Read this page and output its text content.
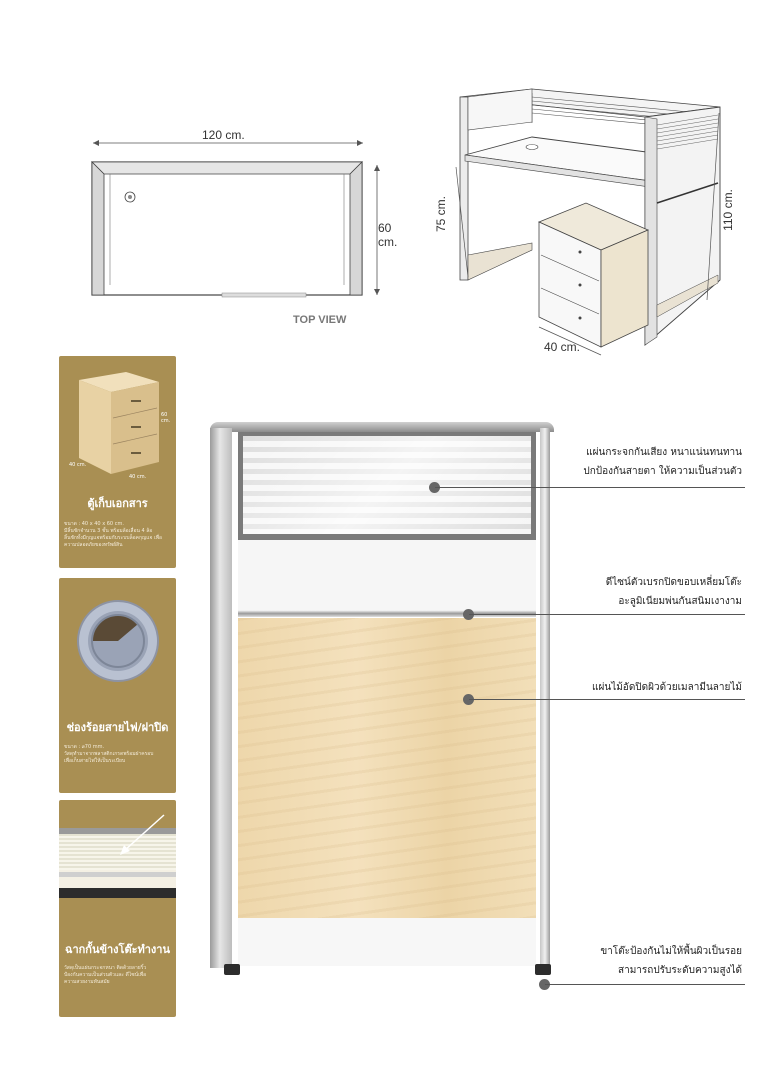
120 cm.
60 cm.
TOP VIEW
75 cm.	110 cm.
40 cm.
40 cm.
40 cm.
60 cm.
ตู้เก็บเอกสาร
ขนาด : 40 x 40 x 60 cm.
มีลิ้นชักจำนวน 3 ชั้น พร้อมล้อเลื่อน 4 ล้อ
ลิ้นชักทั้งมีกุญแจพร้อมกับระบบล็อคกุญแจ เพื่อ
ความปลอดภัยของทรัพย์สิน
ช่องร้อยสายไฟ/ฝาปิด
ขนาด : ⌀70 mm.
วัสดุทำมาจากพลาสติกเกรดพร้อมฝาครอบ
เพื่อเก็บสายไฟให้เป็นระเบียบ
ฉากกั้นข้างโต๊ะทำงาน
วัสดุเป็นแผ่นกระจกหนา ติดด้วยลายริ้ว
ป้องกันความเป็นส่วนตัวและ ดีไซน์เพื่อ
ความสวยงามทันสมัย
แผ่นกระจกกันเสียง หนาแน่นทนทาน
ปกป้องกันสายตา ให้ความเป็นส่วนตัว
ดีไซน์ตัวเบรกปิดขอบเหลี่ยมโต๊ะ
อะลูมิเนียมพ่นกันสนิมเงางาม
แผ่นไม้อัดปิดผิวด้วยเมลามีนลายไม้
ขาโต๊ะป้องกันไม่ให้พื้นผิวเป็นรอย
สามารถปรับระดับความสูงได้
